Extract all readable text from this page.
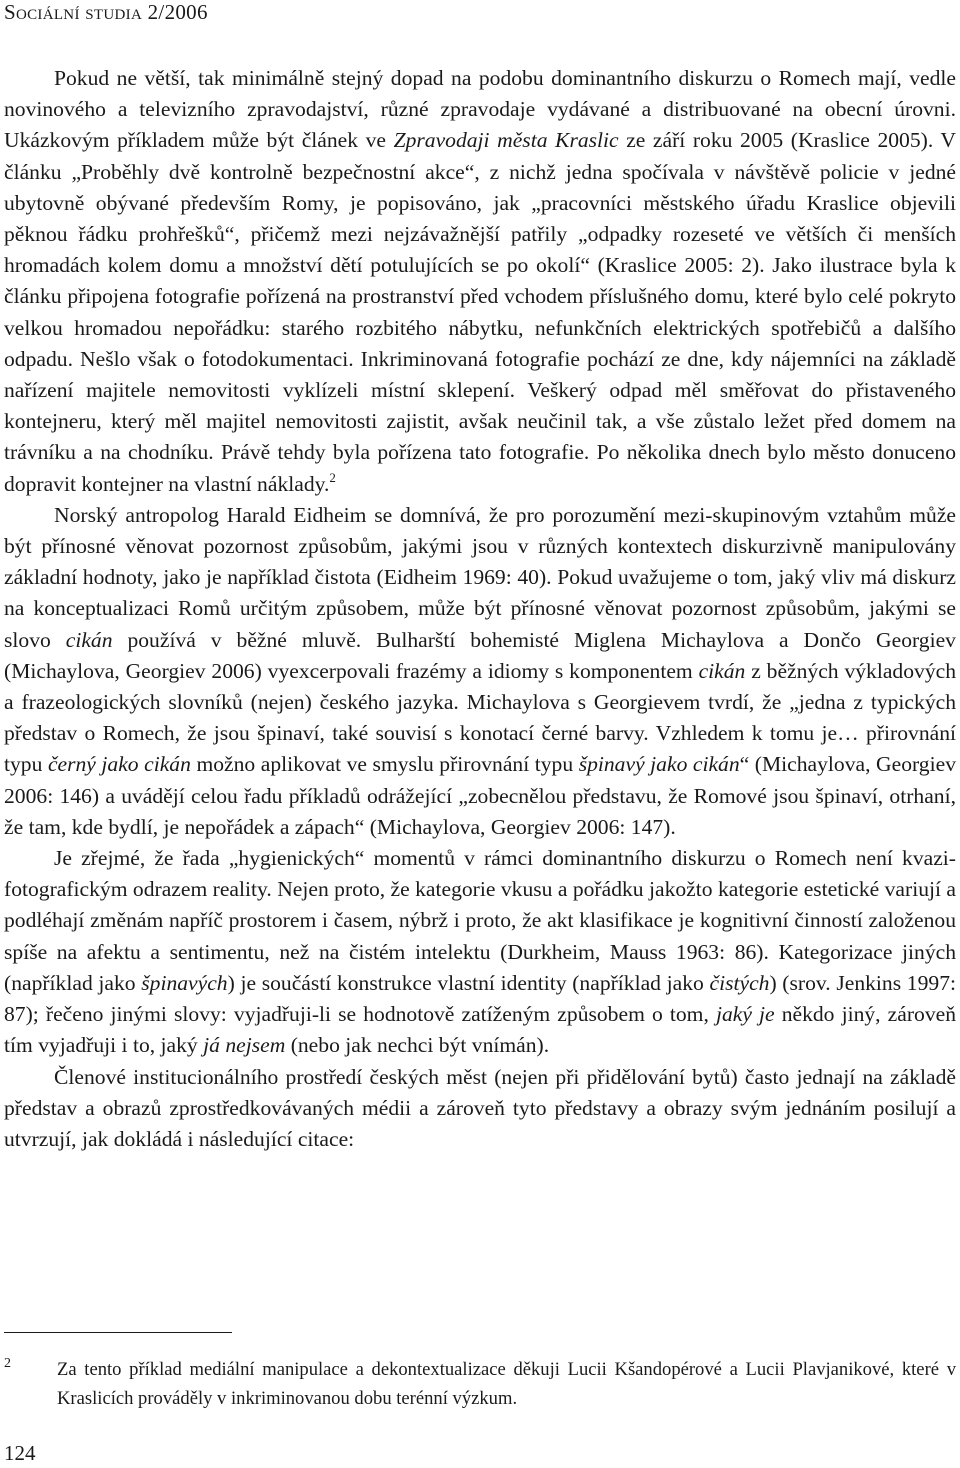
Sociální studia 2/2006

Pokud ne větší, tak minimálně stejný dopad na podobu dominantního diskurzu o Romech mají, vedle novinového a televizního zpravodajství, různé zpravodaje vydávané a distribuované na obecní úrovni. Ukázkovým příkladem může být článek ve Zpravodaji města Kraslic ze září roku 2005 (Kraslice 2005). V článku „Proběhly dvě kontrolně bezpečnostní akce“, z nichž jedna spočívala v návštěvě policie v jedné ubytovně obývané především Romy, je popisováno, jak „pracovníci městského úřadu Kraslice objevili pěknou řádku prohřešků“, přičemž mezi nejzávažnější patřily „odpadky rozeseté ve větších či menších hromadách kolem domu a množství dětí potulujících se po okolí“ (Kraslice 2005: 2). Jako ilustrace byla k článku připojena fotografie pořízená na prostranství před vchodem příslušného domu, které bylo celé pokryto velkou hromadou nepořádku: starého rozbitého nábytku, nefunkčních elektrických spotřebičů a dalšího odpadu. Nešlo však o fotodokumentaci. Inkriminovaná fotografie pochází ze dne, kdy nájemníci na základě nařízení majitele nemovitosti vyklízeli místní sklepení. Veškerý odpad měl směřovat do přistaveného kontejneru, který měl majitel nemovitosti zajistit, avšak neučinil tak, a vše zůstalo ležet před domem na trávníku a na chodníku. Právě tehdy byla pořízena tato fotografie. Po několika dnech bylo město donuceno dopravit kontejner na vlastní náklady.$^2$

Norský antropolog Harald Eidheim se domnívá, že pro porozumění mezi-skupinovým vztahům může být přínosné věnovat pozornost způsobům, jakými jsou v různých kontextech diskurzivně manipulovány základní hodnoty, jako je například čistota (Eidheim 1969: 40). Pokud uvažujeme o tom, jaký vliv má diskurz na konceptualizaci Romů určitým způsobem, může být přínosné věnovat pozornost způsobům, jakými se slovo cikán používá v běžné mluvě. Bulharští bohemisté Miglena Michaylova a Dončo Georgiev (Michaylova, Georgiev 2006) vyexcerpovali frazémy a idiomy s komponentem cikán z běžných výkladových a frazeologických slovníků (nejen) českého jazyka. Michaylova s Georgievem tvrdí, že „jedna z typických představ o Romech, že jsou špinaví, také souvisí s konotací černé barvy. Vzhledem k tomu je… přirovnání typu černý jako cikán možno aplikovat ve smyslu přirovnání typu špinavý jako cikán“ (Michaylova, Georgiev 2006: 146) a uvádějí celou řadu příkladů odrážející „zobecnělou představu, že Romové jsou špinaví, otrhaní, že tam, kde bydlí, je nepořádek a zápach“ (Michaylova, Georgiev 2006: 147).

Je zřejmé, že řada „hygienických“ momentů v rámci dominantního diskurzu o Romech není kvazi-fotografickým odrazem reality. Nejen proto, že kategorie vkusu a pořádku jakožto kategorie estetické variují a podléhají změnám napříč prostorem i časem, nýbrž i proto, že akt klasifikace je kognitivní činností založenou spíše na afektu a sentimentu, než na čistém intelektu (Durkheim, Mauss 1963: 86). Kategorizace jiných (například jako špinavých) je součástí konstrukce vlastní identity (například jako čistých) (srov. Jenkins 1997: 87); řečeno jinými slovy: vyjadřuji-li se hodnotově zatíženým způsobem o tom, jaký je někdo jiný, zároveň tím vyjadřuji i to, jaký já nejsem (nebo jak nechci být vnímán).

Členové institucionálního prostředí českých měst (nejen při přidělování bytů) často jednají na základě představ a obrazů zprostředkovávaných médii a zároveň tyto představy a obrazy svým jednáním posilují a utvrzují, jak dokládá i následující citace:

2 Za tento příklad mediální manipulace a dekontextualizace děkuji Lucii Kšandopérové a Lucii Plavjanikové, které v Kraslicích prováděly v inkriminovanou dobu terénní výzkum.
124
